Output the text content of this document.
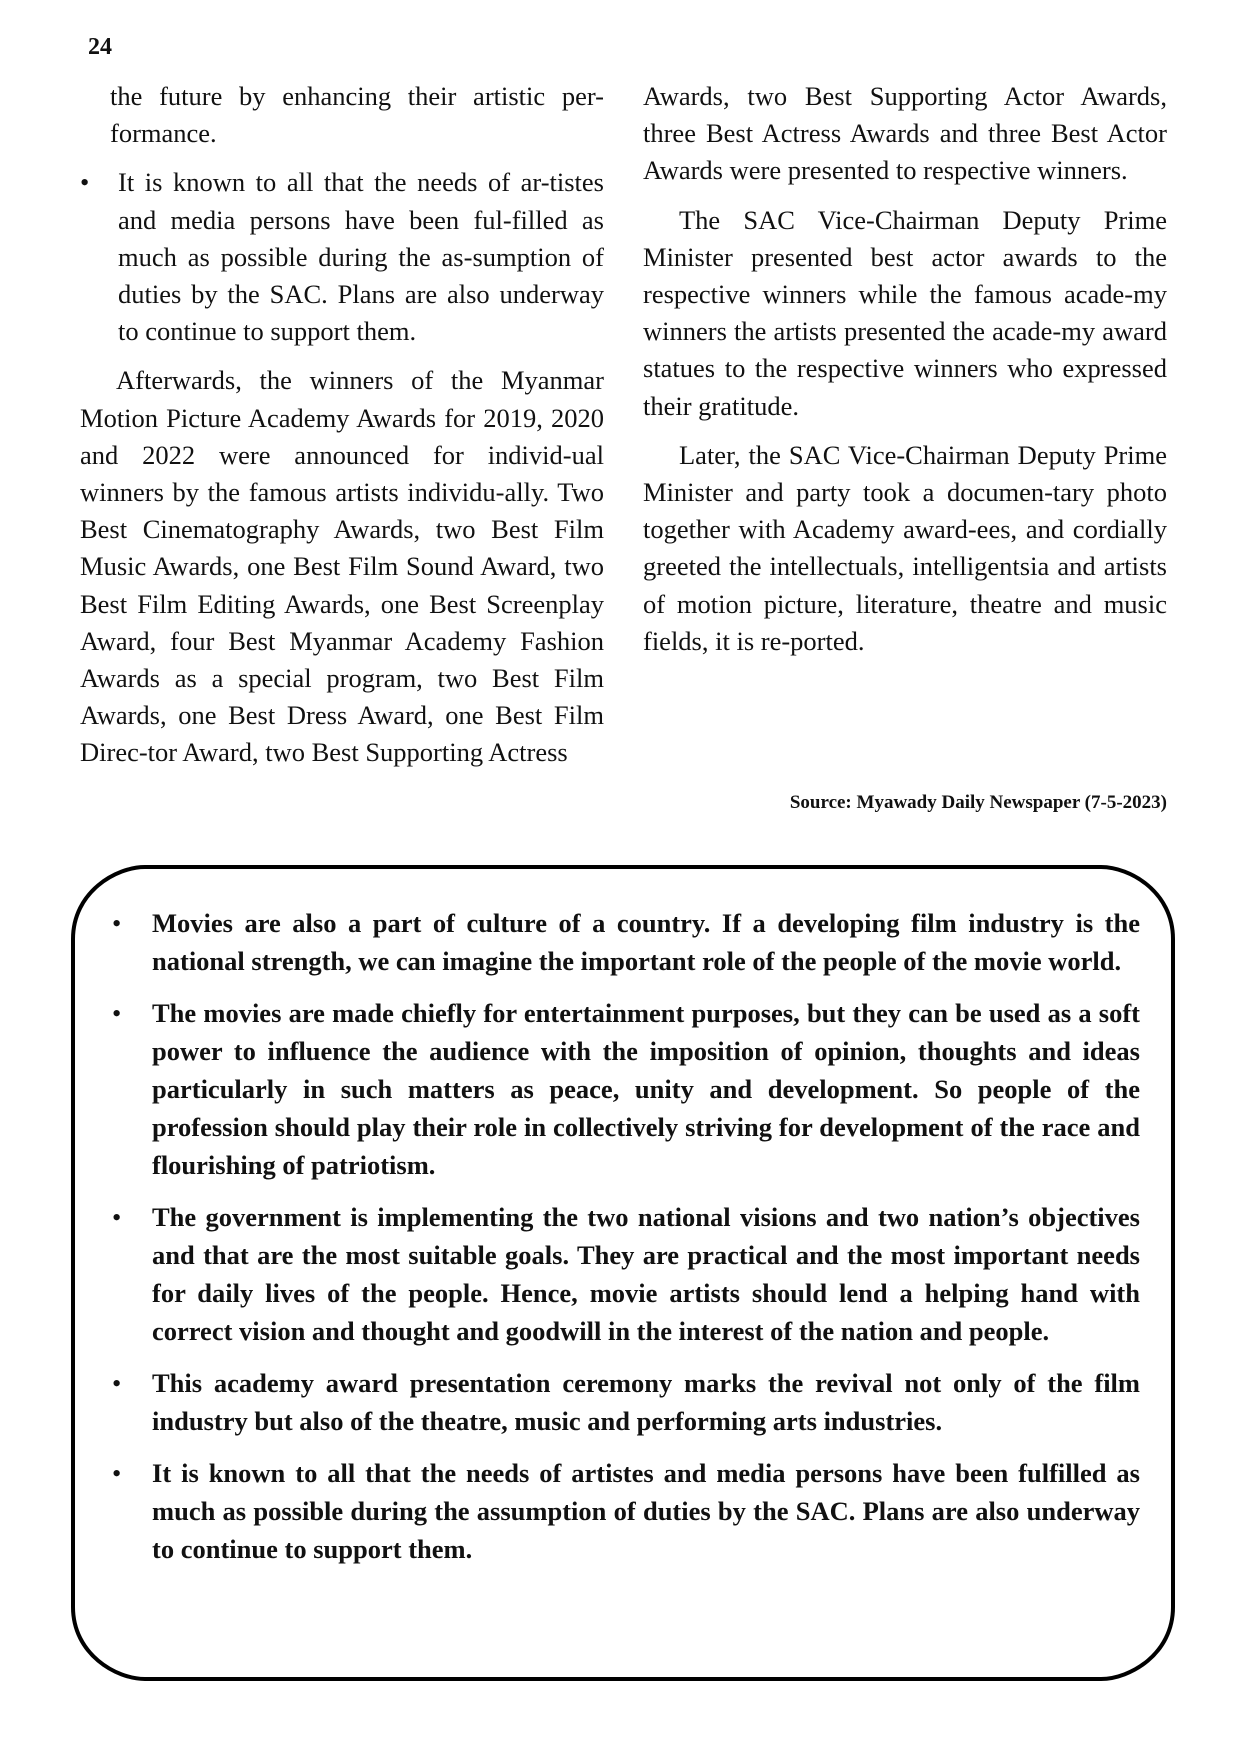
24

the future by enhancing their artistic per-formance.

• It is known to all that the needs of ar-tistes and media persons have been ful-filled as much as possible during the as-sumption of duties by the SAC. Plans are also underway to continue to support them.

Afterwards, the winners of the Myanmar Motion Picture Academy Awards for 2019, 2020 and 2022 were announced for individ-ual winners by the famous artists individu-ally. Two Best Cinematography Awards, two Best Film Music Awards, one Best Film Sound Award, two Best Film Editing Awards, one Best Screenplay Award, four Best Myanmar Academy Fashion Awards as a special program, two Best Film Awards, one Best Dress Award, one Best Film Direc-tor Award, two Best Supporting Actress

Awards, two Best Supporting Actor Awards, three Best Actress Awards and three Best Actor Awards were presented to respective winners.

The SAC Vice-Chairman Deputy Prime Minister presented best actor awards to the respective winners while the famous acade-my winners the artists presented the acade-my award statues to the respective winners who expressed their gratitude.

Later, the SAC Vice-Chairman Deputy Prime Minister and party took a documen-tary photo together with Academy award-ees, and cordially greeted the intellectuals, intelligentsia and artists of motion picture, literature, theatre and music fields, it is re-ported.

Source: Myawady Daily Newspaper (7-5-2023)

• Movies are also a part of culture of a country. If a developing film industry is the national strength, we can imagine the important role of the people of the movie world.

• The movies are made chiefly for entertainment purposes, but they can be used as a soft power to influence the audience with the imposition of opinion, thoughts and ideas particularly in such matters as peace, unity and development. So people of the profession should play their role in collectively striving for development of the race and flourishing of patriotism.

• The government is implementing the two national visions and two nation’s objectives and that are the most suitable goals. They are practical and the most important needs for daily lives of the people. Hence, movie artists should lend a helping hand with correct vision and thought and goodwill in the interest of the nation and people.

• This academy award presentation ceremony marks the revival not only of the film industry but also of the theatre, music and performing arts industries.

• It is known to all that the needs of artistes and media persons have been fulfilled as much as possible during the assumption of duties by the SAC. Plans are also underway to continue to support them.
